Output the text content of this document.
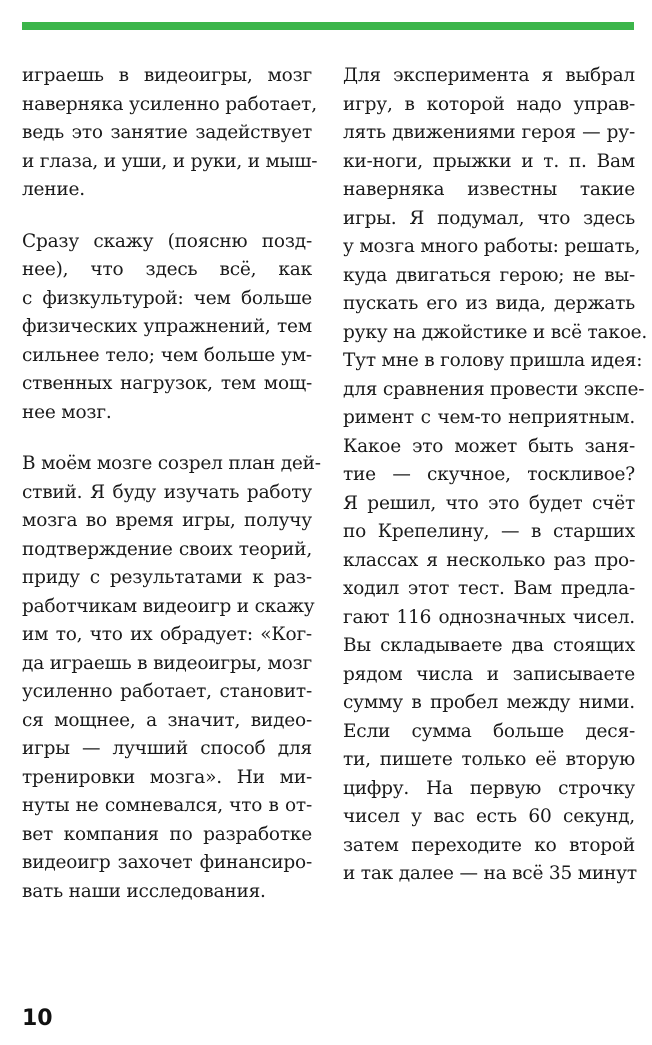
играешь в видеоигры, мозг
наверняка усиленно работает,
ведь это занятие задействует
и глаза, и уши, и руки, и мыш-
ление.
Сразу скажу (поясню позд-
нее), что здесь всё, как
с физкультурой: чем больше
физических упражнений, тем
сильнее тело; чем больше ум-
ственных нагрузок, тем мощ-
нее мозг.
В моём мозге созрел план дей-
ствий. Я буду изучать работу
мозга во время игры, получу
подтверждение своих теорий,
приду с результатами к раз-
работчикам видеоигр и скажу
им то, что их обрадует: «Ког-
да играешь в видеоигры, мозг
усиленно работает, становит-
ся мощнее, а значит, видео-
игры — лучший способ для
тренировки мозга». Ни ми-
нуты не сомневался, что в от-
вет компания по разработке
видеоигр захочет финансиро-
вать наши исследования.
Для эксперимента я выбрал
игру, в которой надо управ-
лять движениями героя — ру-
ки-ноги, прыжки и т. п. Вам
наверняка известны такие
игры. Я подумал, что здесь
у мозга много работы: решать,
куда двигаться герою; не вы-
пускать его из вида, держать
руку на джойстике и всё такое.
Тут мне в голову пришла идея:
для сравнения провести экспе-
римент с чем-то неприятным.
Какое это может быть заня-
тие — скучное, тоскливое?
Я решил, что это будет счёт
по Крепелину, — в старших
классах я несколько раз про-
ходил этот тест. Вам предла-
гают 116 однозначных чисел.
Вы складываете два стоящих
рядом числа и записываете
сумму в пробел между ними.
Если сумма больше деся-
ти, пишете только её вторую
цифру. На первую строчку
чисел у вас есть 60 секунд,
затем переходите ко второй
и так далее — на всё 35 минут
10
